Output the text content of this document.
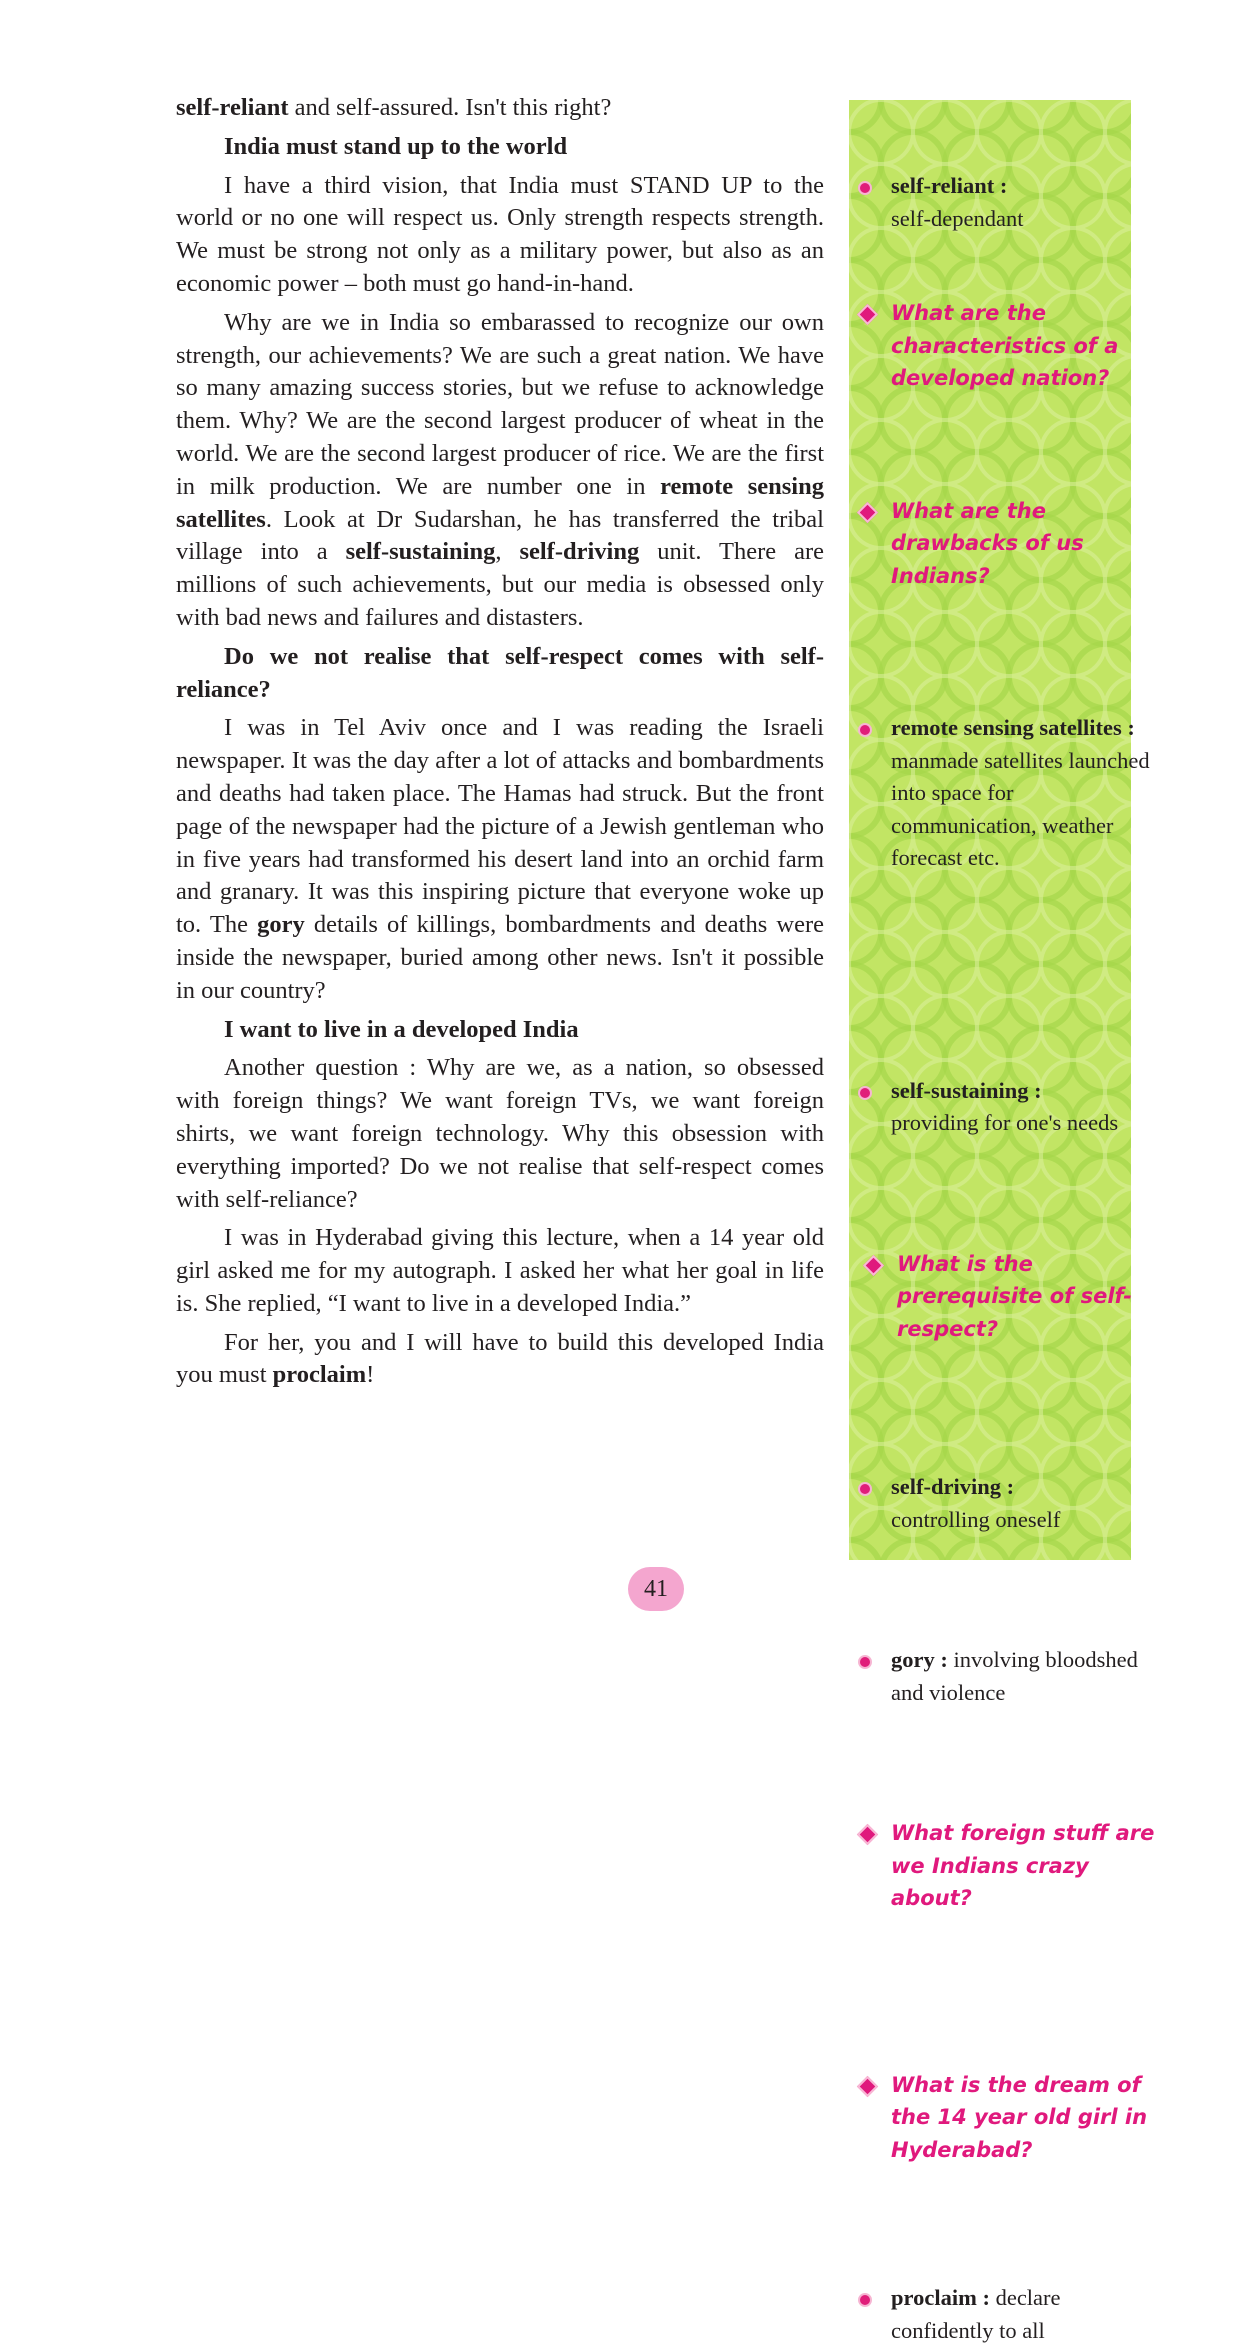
self-reliant and self-assured. Isn't this right?

India must stand up to the world

I have a third vision, that India must STAND UP to the world or no one will respect us. Only strength respects strength. We must be strong not only as a military power, but also as an economic power – both must go hand-in-hand.

Why are we in India so embarassed to recognize our own strength, our achievements? We are such a great nation. We have so many amazing success stories, but we refuse to acknowledge them. Why? We are the second largest producer of wheat in the world. We are the second largest producer of rice. We are the first in milk production. We are number one in remote sensing satellites. Look at Dr Sudarshan, he has transferred the tribal village into a self-sustaining, self-driving unit. There are millions of such achievements, but our media is obsessed only with bad news and failures and distasters.

Do we not realise that self-respect comes with self-reliance?

I was in Tel Aviv once and I was reading the Israeli newspaper. It was the day after a lot of attacks and bombardments and deaths had taken place. The Hamas had struck. But the front page of the newspaper had the picture of a Jewish gentleman who in five years had transformed his desert land into an orchid farm and granary. It was this inspiring picture that everyone woke up to. The gory details of killings, bombardments and deaths were inside the newspaper, buried among other news. Isn't it possible in our country?

I want to live in a developed India

Another question : Why are we, as a nation, so obsessed with foreign things? We want foreign TVs, we want foreign shirts, we want foreign technology. Why this obsession with everything imported? Do we not realise that self-respect comes with self-reliance?

I was in Hyderabad giving this lecture, when a 14 year old girl asked me for my autograph. I asked her what her goal in life is. She replied, “I want to live in a developed India.”

For her, you and I will have to build this developed India you must proclaim!

self-reliant :
self-dependant
What are the characteristics of a developed nation?
What are the drawbacks of us Indians?
remote sensing satellites : manmade satellites launched into space for communication, weather forecast etc.
self-sustaining :
providing for one's needs
What is the prerequisite of self-respect?
self-driving :
controlling oneself
gory : involving bloodshed and violence
What foreign stuff are we Indians crazy about?
What is the dream of the 14 year old girl in Hyderabad?
proclaim : declare confidently to all
41
